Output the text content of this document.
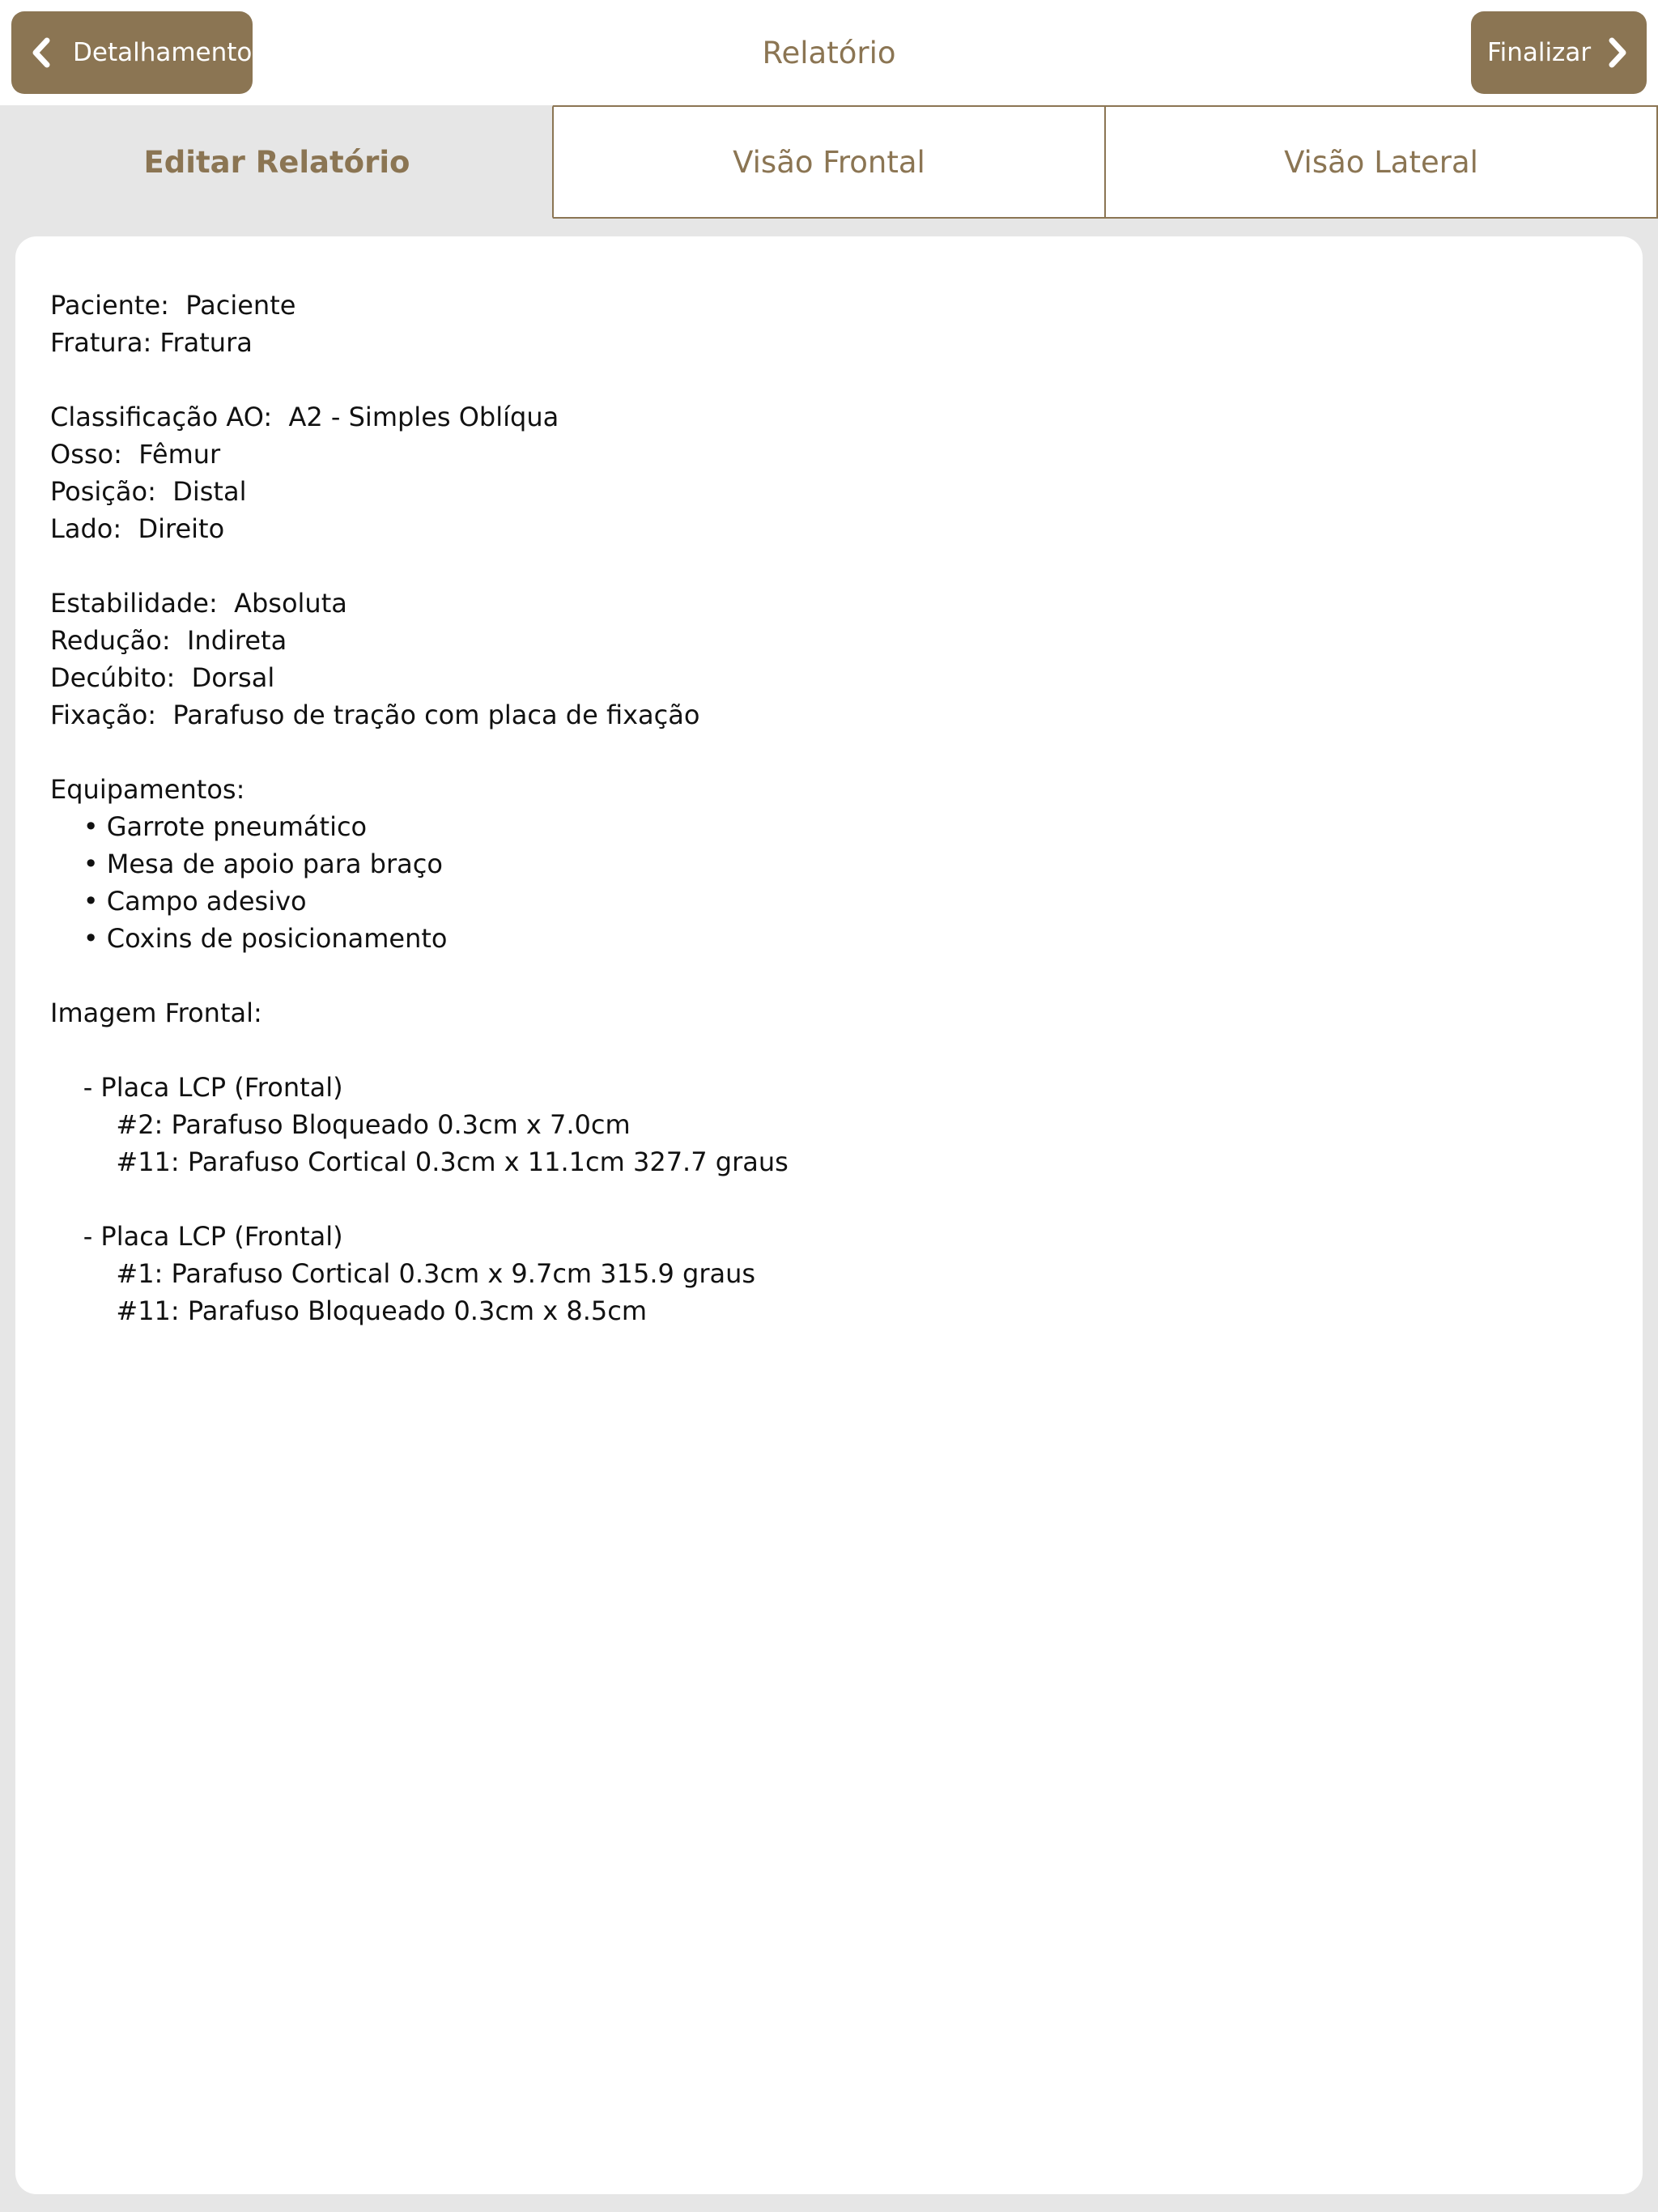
Detalhamento	Relatório	Finalizar
Editar Relatório	Visão Frontal	Visão Lateral
Paciente:  Paciente
Fratura: Fratura

Classificação AO:  A2 - Simples Oblíqua
Osso:  Fêmur
Posição:  Distal
Lado:  Direito

Estabilidade:  Absoluta
Redução:  Indireta
Decúbito:  Dorsal
Fixação:  Parafuso de tração com placa de fixação

Equipamentos:
• Garrote pneumático
• Mesa de apoio para braço
• Campo adesivo
• Coxins de posicionamento

Imagem Frontal:

- Placa LCP (Frontal)
#2: Parafuso Bloqueado 0.3cm x 7.0cm
#11: Parafuso Cortical 0.3cm x 11.1cm 327.7 graus

- Placa LCP (Frontal)
#1: Parafuso Cortical 0.3cm x 9.7cm 315.9 graus
#11: Parafuso Bloqueado 0.3cm x 8.5cm
